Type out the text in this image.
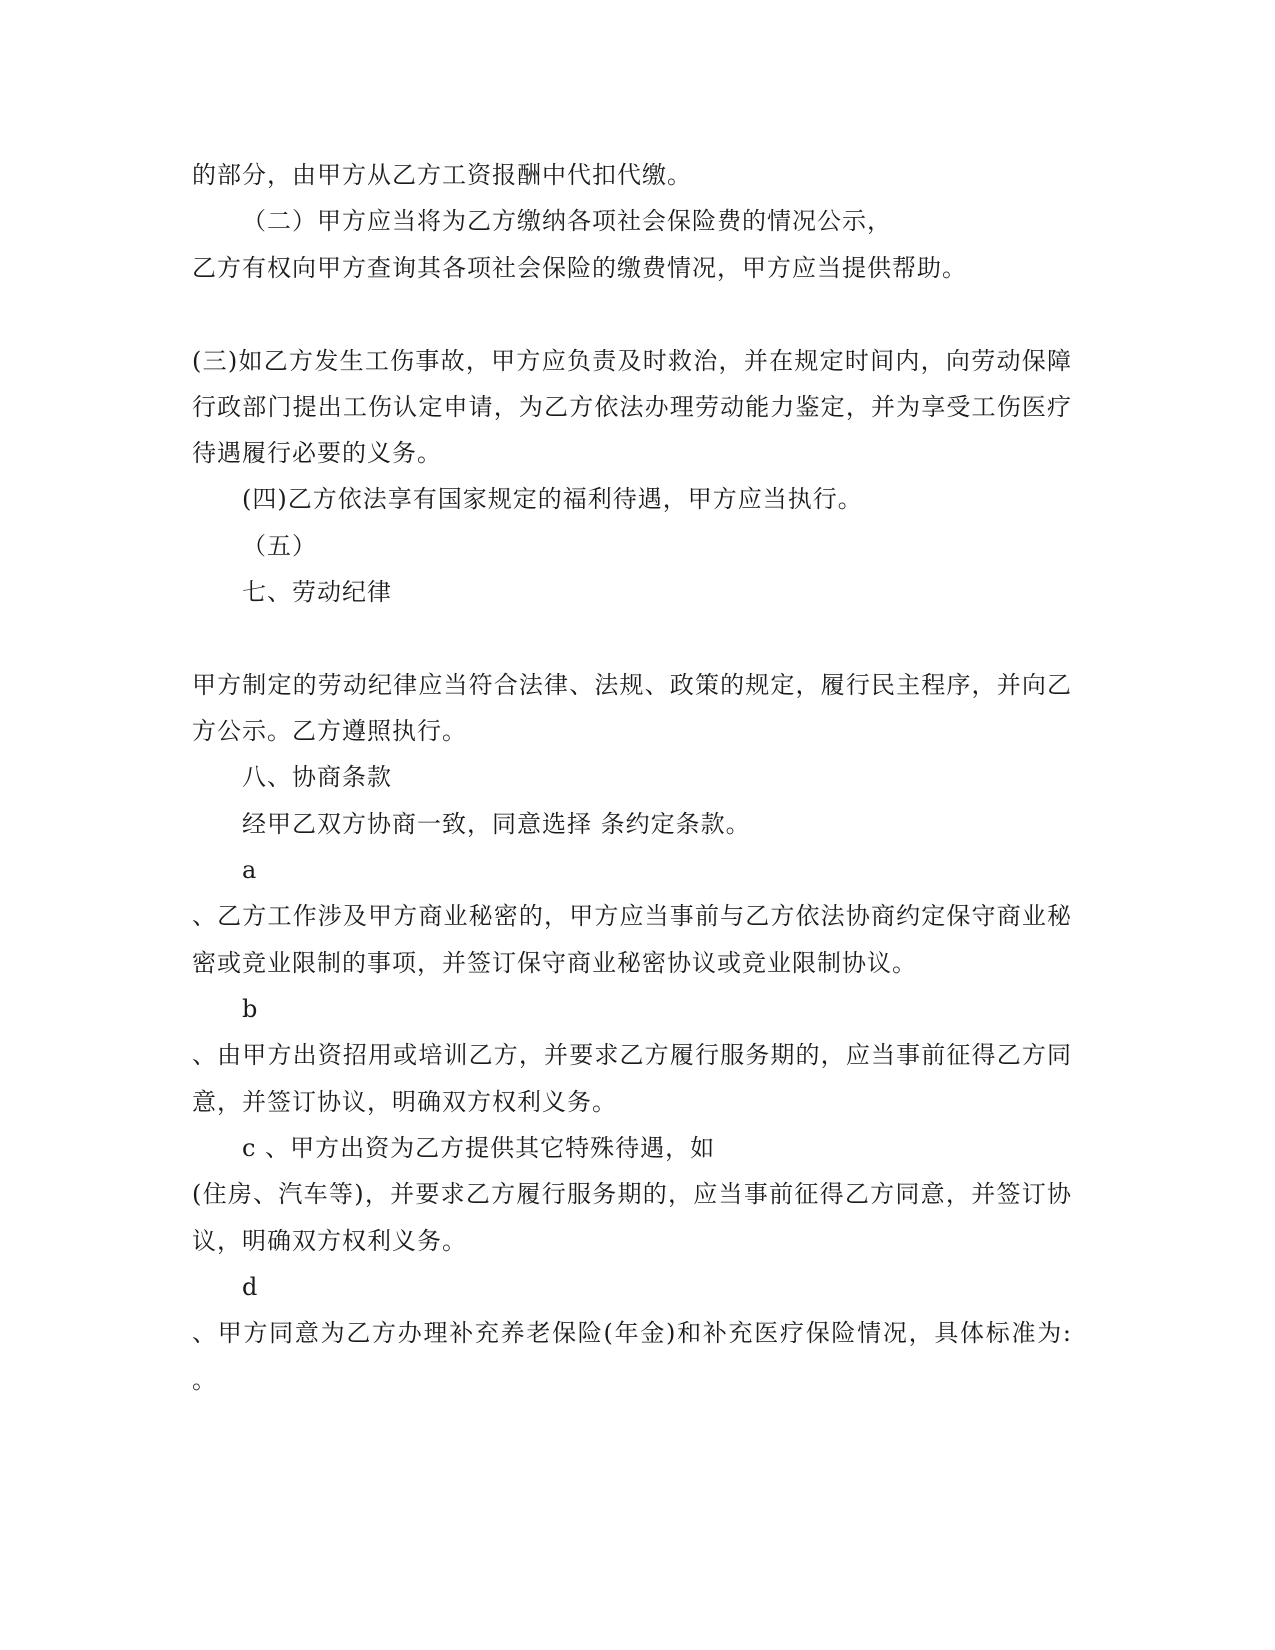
的部分，由甲方从乙方工资报酬中代扣代缴。
（二）甲方应当将为乙方缴纳各项社会保险费的情况公示，
乙方有权向甲方查询其各项社会保险的缴费情况，甲方应当提供帮助。
(三)如乙方发生工伤事故，甲方应负责及时救治，并在规定时间内，向劳动保障
行政部门提出工伤认定申请，为乙方依法办理劳动能力鉴定，并为享受工伤医疗
待遇履行必要的义务。
(四)乙方依法享有国家规定的福利待遇，甲方应当执行。
（五）
七、劳动纪律
甲方制定的劳动纪律应当符合法律、法规、政策的规定，履行民主程序，并向乙
方公示。乙方遵照执行。
八、协商条款
经甲乙双方协商一致，同意选择 条约定条款。
a
、乙方工作涉及甲方商业秘密的，甲方应当事前与乙方依法协商约定保守商业秘
密或竞业限制的事项，并签订保守商业秘密协议或竞业限制协议。
b
、由甲方出资招用或培训乙方，并要求乙方履行服务期的，应当事前征得乙方同
意，并签订协议，明确双方权利义务。
c 、甲方出资为乙方提供其它特殊待遇，如
(住房、汽车等)，并要求乙方履行服务期的，应当事前征得乙方同意，并签订协
议，明确双方权利义务。
d
、甲方同意为乙方办理补充养老保险(年金)和补充医疗保险情况，具体标准为:
。
